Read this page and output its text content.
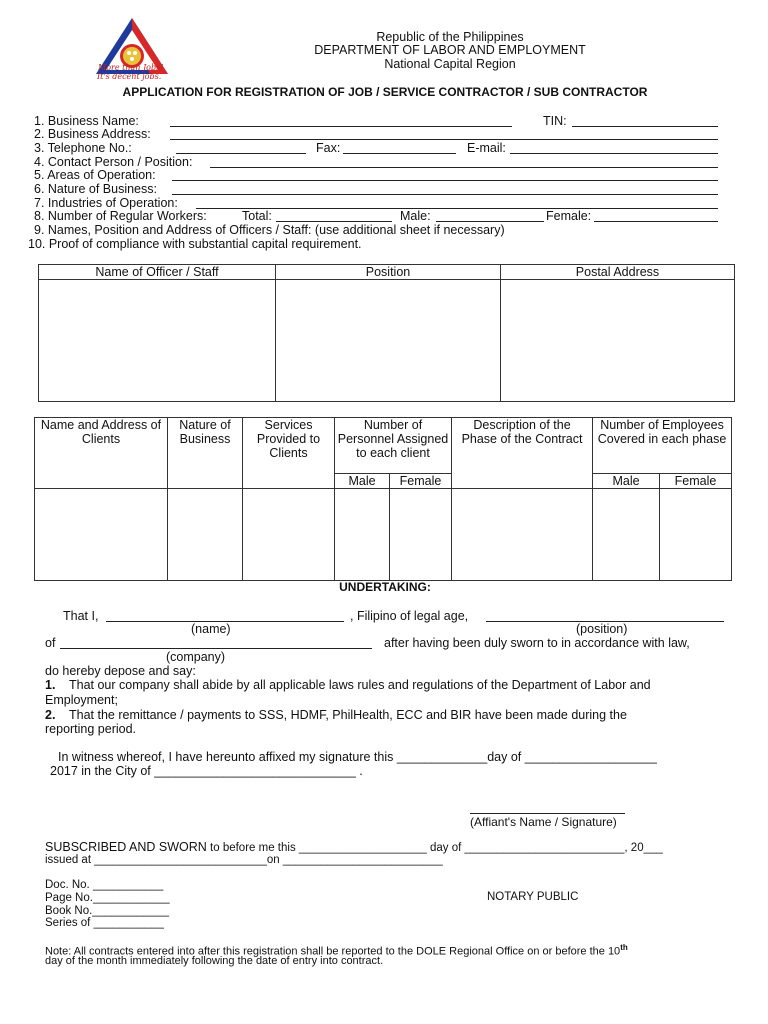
More than Jobs!
It's decent jobs.
Republic of the Philippines
DEPARTMENT OF LABOR AND EMPLOYMENT
National Capital Region
APPLICATION FOR REGISTRATION OF JOB / SERVICE CONTRACTOR / SUB CONTRACTOR
1. Business Name:	TIN:
2. Business Address:
3. Telephone No.:	Fax:	E-mail:
4. Contact Person / Position:
5. Areas of Operation:
6. Nature of Business:
7. Industries of Operation:
8. Number of Regular Workers:	Total:	Male:	Female:
9. Names, Position and Address of Officers / Staff: (use additional sheet if necessary)
10. Proof of compliance with substantial capital requirement.
Name of Officer / Staff	Position	Postal Address

Name and Address of Clients	Nature of Business	Services Provided to Clients	Number of Personnel Assigned to each client		Description of the Phase of the Contract	Number of Employees Covered in each phase	
			Male	Female		Male	Female

UNDERTAKING:
That I,	, Filipino of legal age,
(name)	(position)
of	after having been duly sworn to in accordance with law,
(company)
do hereby depose and say:
1. That our company shall abide by all applicable laws rules and regulations of the Department of Labor and
Employment;
2. That the remittance / payments to SSS, HDMF, PhilHealth, ECC and BIR have been made during the
reporting period.
In witness whereof, I have hereunto affixed my signature this _____________day of ___________________
2017 in the City of _____________________________ .
(Affiant's Name / Signature)
SUBSCRIBED AND SWORN to before me this ____________________ day of _________________________, 20___
issued at ___________________________on _________________________
Doc. No. ___________
Page No.____________
Book No.____________
Series of ___________
NOTARY PUBLIC
Note: All contracts entered into after this registration shall be reported to the DOLE Regional Office on or before the 10th
day of the month immediately following the date of entry into contract.
